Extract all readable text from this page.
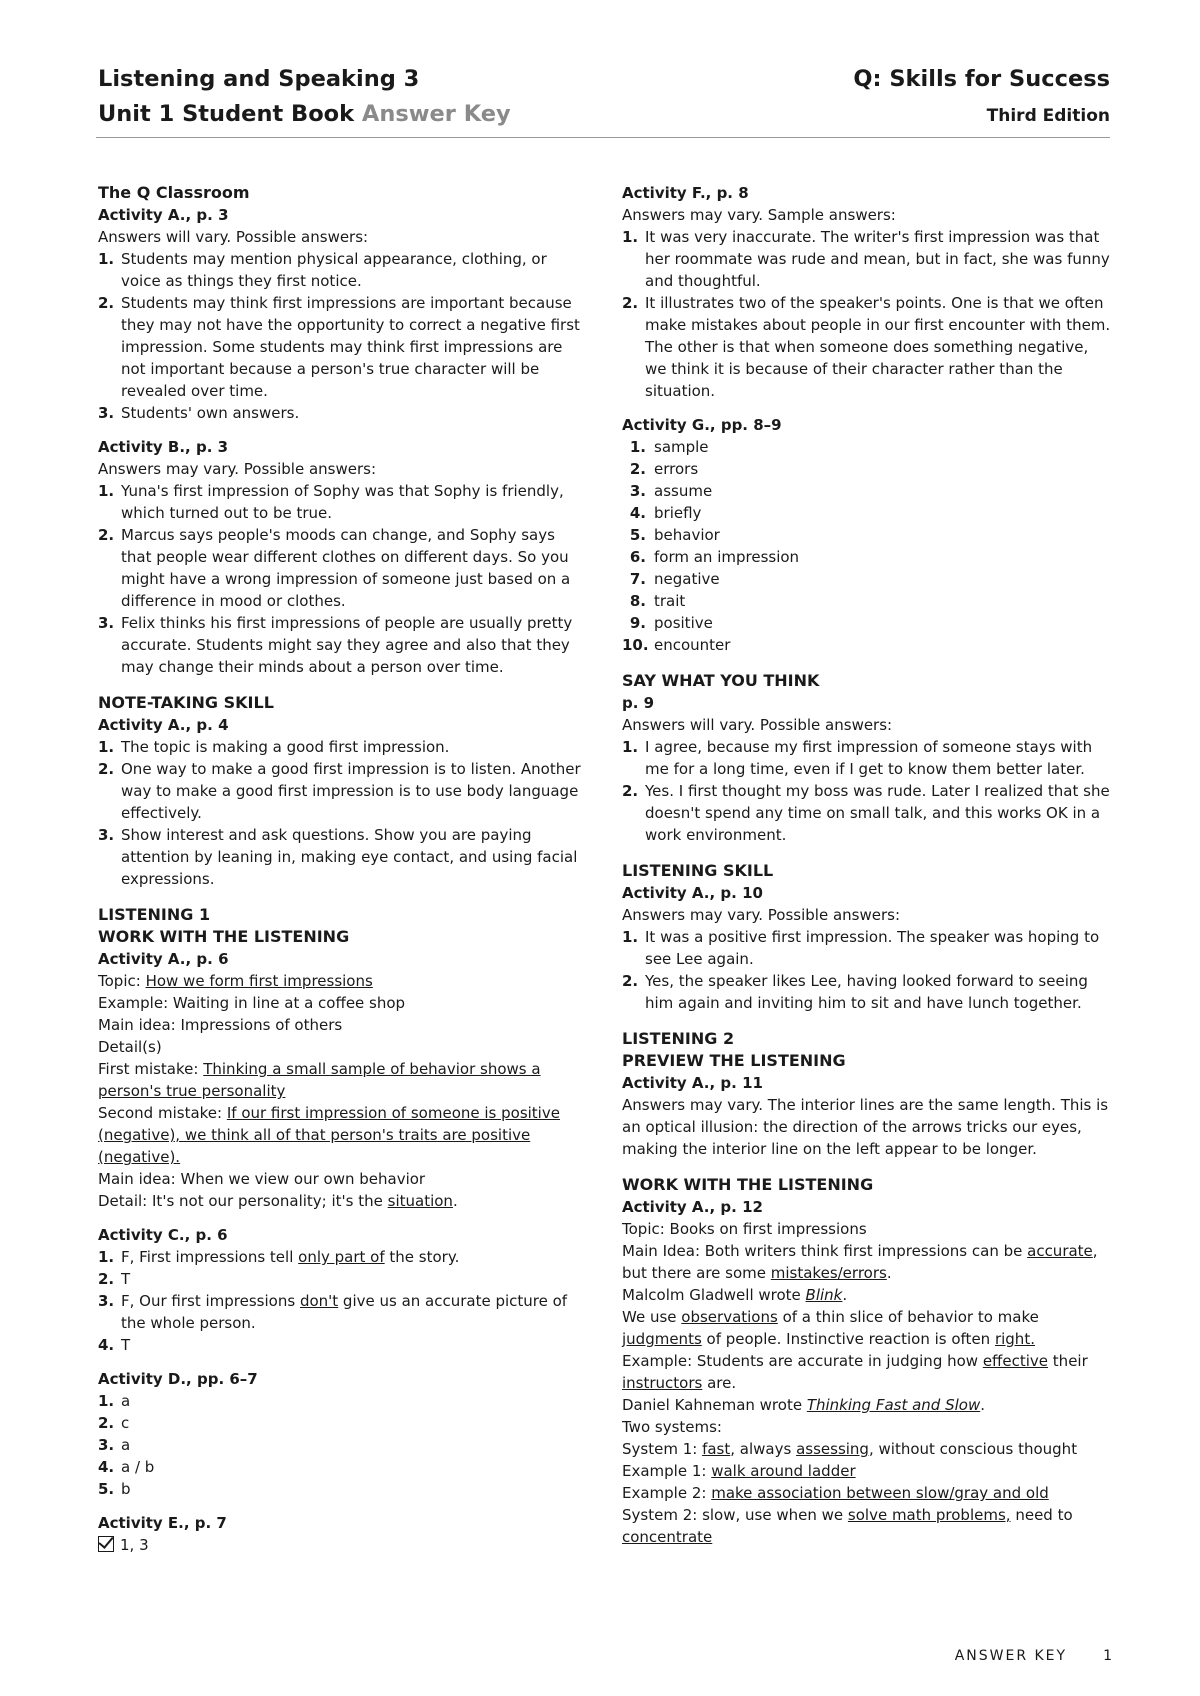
Listening and Speaking 3
Unit 1 Student Book Answer Key
Q: Skills for Success
Third Edition
The Q Classroom
Activity A., p. 3
Answers will vary. Possible answers:
1. Students may mention physical appearance, clothing, or voice as things they first notice.
2. Students may think first impressions are important because they may not have the opportunity to correct a negative first impression. Some students may think first impressions are not important because a person's true character will be revealed over time.
3. Students' own answers.
Activity B., p. 3
Answers may vary. Possible answers:
1. Yuna's first impression of Sophy was that Sophy is friendly, which turned out to be true.
2. Marcus says people's moods can change, and Sophy says that people wear different clothes on different days. So you might have a wrong impression of someone just based on a difference in mood or clothes.
3. Felix thinks his first impressions of people are usually pretty accurate. Students might say they agree and also that they may change their minds about a person over time.
NOTE-TAKING SKILL
Activity A., p. 4
1. The topic is making a good first impression.
2. One way to make a good first impression is to listen. Another way to make a good first impression is to use body language effectively.
3. Show interest and ask questions. Show you are paying attention by leaning in, making eye contact, and using facial expressions.
LISTENING 1
WORK WITH THE LISTENING
Activity A., p. 6
Topic: How we form first impressions
Example: Waiting in line at a coffee shop
Main idea: Impressions of others
Detail(s)
First mistake: Thinking a small sample of behavior shows a person's true personality
Second mistake: If our first impression of someone is positive (negative), we think all of that person's traits are positive (negative).
Main idea: When we view our own behavior
Detail: It's not our personality; it's the situation.
Activity C., p. 6
1. F, First impressions tell only part of the story.
2. T
3. F, Our first impressions don't give us an accurate picture of the whole person.
4. T
Activity D., pp. 6–7
1. a
2. c
3. a
4. a / b
5. b
Activity E., p. 7
1, 3
Activity F., p. 8
Answers may vary. Sample answers:
1. It was very inaccurate. The writer's first impression was that her roommate was rude and mean, but in fact, she was funny and thoughtful.
2. It illustrates two of the speaker's points. One is that we often make mistakes about people in our first encounter with them. The other is that when someone does something negative, we think it is because of their character rather than the situation.
Activity G., pp. 8–9
1. sample
2. errors
3. assume
4. briefly
5. behavior
6. form an impression
7. negative
8. trait
9. positive
10. encounter
SAY WHAT YOU THINK
p. 9
Answers will vary. Possible answers:
1. I agree, because my first impression of someone stays with me for a long time, even if I get to know them better later.
2. Yes. I first thought my boss was rude. Later I realized that she doesn't spend any time on small talk, and this works OK in a work environment.
LISTENING SKILL
Activity A., p. 10
Answers may vary. Possible answers:
1. It was a positive first impression. The speaker was hoping to see Lee again.
2. Yes, the speaker likes Lee, having looked forward to seeing him again and inviting him to sit and have lunch together.
LISTENING 2
PREVIEW THE LISTENING
Activity A., p. 11
Answers may vary. The interior lines are the same length. This is an optical illusion: the direction of the arrows tricks our eyes, making the interior line on the left appear to be longer.
WORK WITH THE LISTENING
Activity A., p. 12
Topic: Books on first impressions
Main Idea: Both writers think first impressions can be accurate, but there are some mistakes/errors.
Malcolm Gladwell wrote Blink.
We use observations of a thin slice of behavior to make judgments of people. Instinctive reaction is often right.
Example: Students are accurate in judging how effective their instructors are.
Daniel Kahneman wrote Thinking Fast and Slow.
Two systems:
System 1: fast, always assessing, without conscious thought
Example 1: walk around ladder
Example 2: make association between slow/gray and old
System 2: slow, use when we solve math problems, need to concentrate
ANSWER KEY	1
